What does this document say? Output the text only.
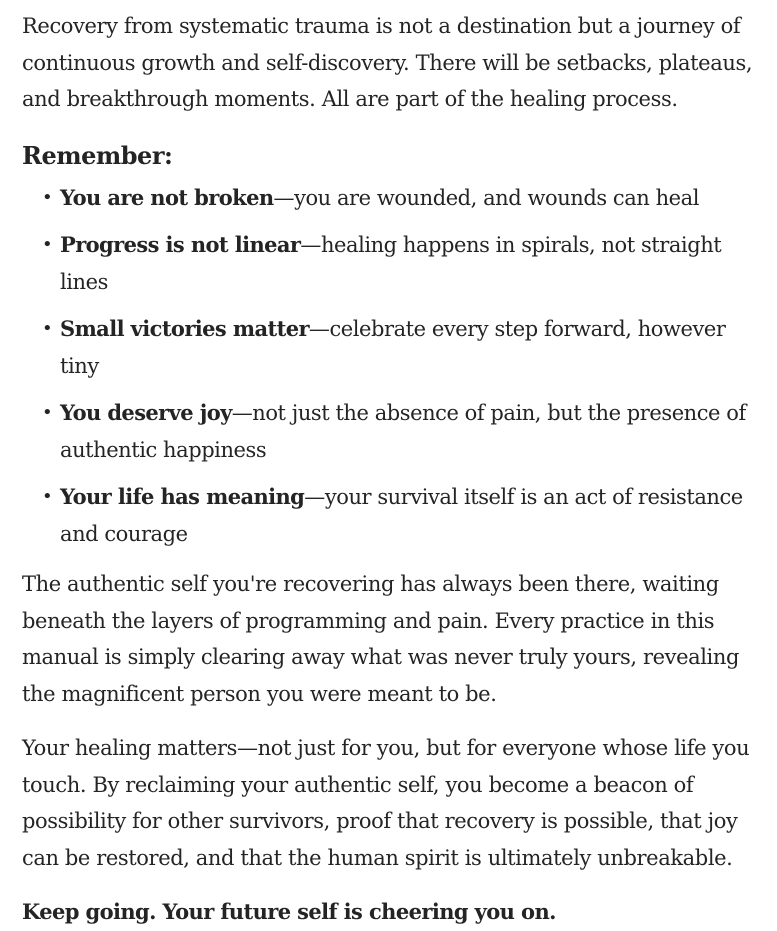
Recovery from systematic trauma is not a destination but a journey of continuous growth and self-discovery. There will be setbacks, plateaus, and breakthrough moments. All are part of the healing process.

Remember:
• You are not broken—you are wounded, and wounds can heal
• Progress is not linear—healing happens in spirals, not straight lines
• Small victories matter—celebrate every step forward, however tiny
• You deserve joy—not just the absence of pain, but the presence of authentic happiness
• Your life has meaning—your survival itself is an act of resistance and courage

The authentic self you're recovering has always been there, waiting beneath the layers of programming and pain. Every practice in this manual is simply clearing away what was never truly yours, revealing the magnificent person you were meant to be.

Your healing matters—not just for you, but for everyone whose life you touch. By reclaiming your authentic self, you become a beacon of possibility for other survivors, proof that recovery is possible, that joy can be restored, and that the human spirit is ultimately unbreakable.

Keep going. Your future self is cheering you on.
